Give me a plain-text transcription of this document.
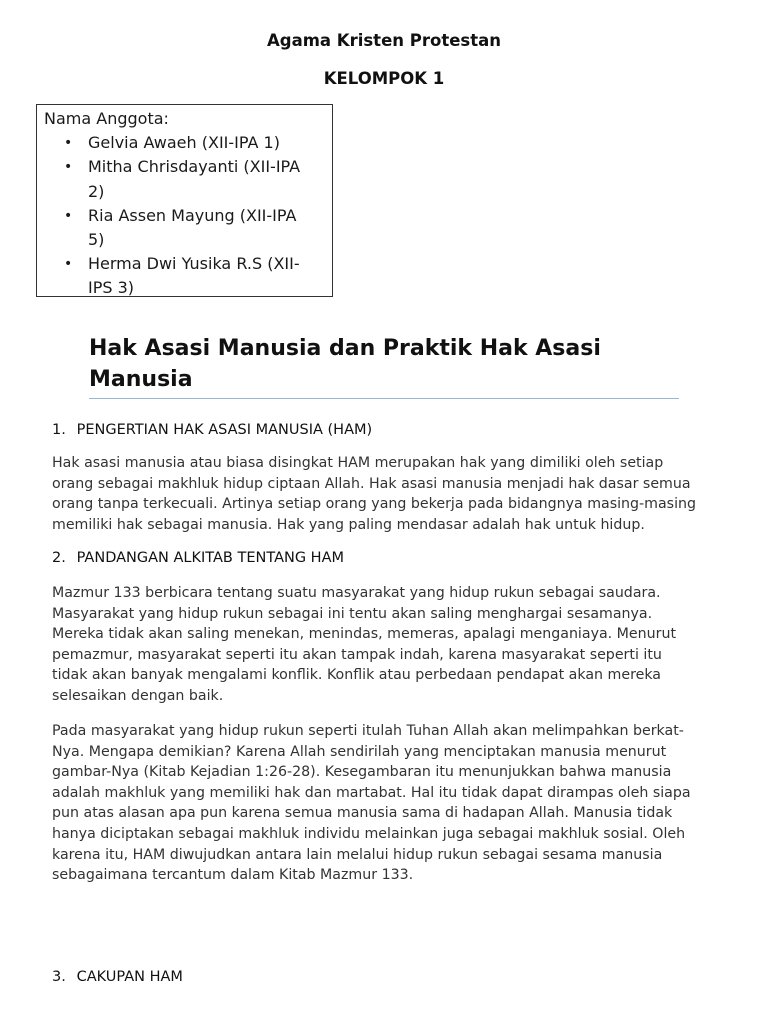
Agama Kristen Protestan
KELOMPOK 1

Nama Anggota:

• Gelvia Awaeh (XII-IPA 1)
• Mitha Chrisdayanti (XII-IPA
2)
• Ria Assen Mayung (XII-IPA
5)
• Herma Dwi Yusika R.S (XII-
IPS 3)
Hak Asasi Manusia dan Praktik Hak Asasi
Manusia
1. PENGERTIAN HAK ASASI MANUSIA (HAM)

Hak asasi manusia atau biasa disingkat HAM merupakan hak yang dimiliki oleh setiap
orang sebagai makhluk hidup ciptaan Allah. Hak asasi manusia menjadi hak dasar semua
orang tanpa terkecuali. Artinya setiap orang yang bekerja pada bidangnya masing-masing
memiliki hak sebagai manusia. Hak yang paling mendasar adalah hak untuk hidup.

2. PANDANGAN ALKITAB TENTANG HAM

Mazmur 133 berbicara tentang suatu masyarakat yang hidup rukun sebagai saudara.
Masyarakat yang hidup rukun sebagai ini tentu akan saling menghargai sesamanya.
Mereka tidak akan saling menekan, menindas, memeras, apalagi menganiaya. Menurut
pemazmur, masyarakat seperti itu akan tampak indah, karena masyarakat seperti itu
tidak akan banyak mengalami konflik. Konflik atau perbedaan pendapat akan mereka
selesaikan dengan baik.

Pada masyarakat yang hidup rukun seperti itulah Tuhan Allah akan melimpahkan berkat-
Nya. Mengapa demikian? Karena Allah sendirilah yang menciptakan manusia menurut
gambar-Nya (Kitab Kejadian 1:26-28). Kesegambaran itu menunjukkan bahwa manusia
adalah makhluk yang memiliki hak dan martabat. Hal itu tidak dapat dirampas oleh siapa
pun atas alasan apa pun karena semua manusia sama di hadapan Allah. Manusia tidak
hanya diciptakan sebagai makhluk individu melainkan juga sebagai makhluk sosial. Oleh
karena itu, HAM diwujudkan antara lain melalui hidup rukun sebagai sesama manusia
sebagaimana tercantum dalam Kitab Mazmur 133.

3. CAKUPAN HAM
